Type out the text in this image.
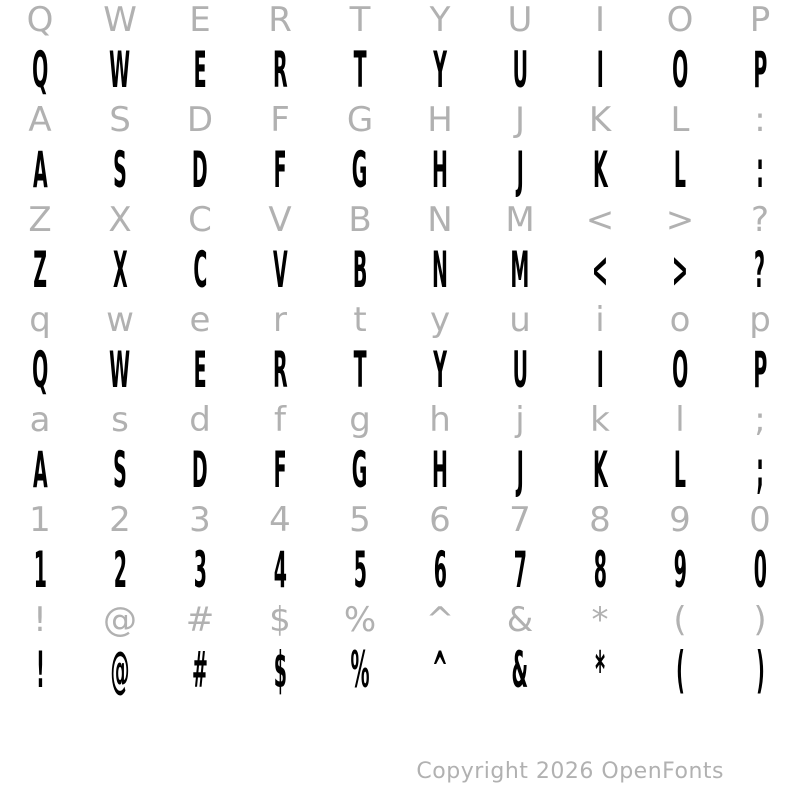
Q W E R T Y U I O P
Q W E R T Y U I O P
A S D F G H J K L :
A S D F G H J K L :
Z X C V B N M < > ?
Z X C V B N M < > ?
q w e r t y u i o p
Q W E R T Y U I O P
a s d f g h j k l ;
A S D F G H J K L ;
1 2 3 4 5 6 7 8 9 0
1 2 3 4 5 6 7 8 9 0
! @ # $ % ^ & * ( )
! @ # $ % ^ & * ( )
Copyright 2026 OpenFonts
